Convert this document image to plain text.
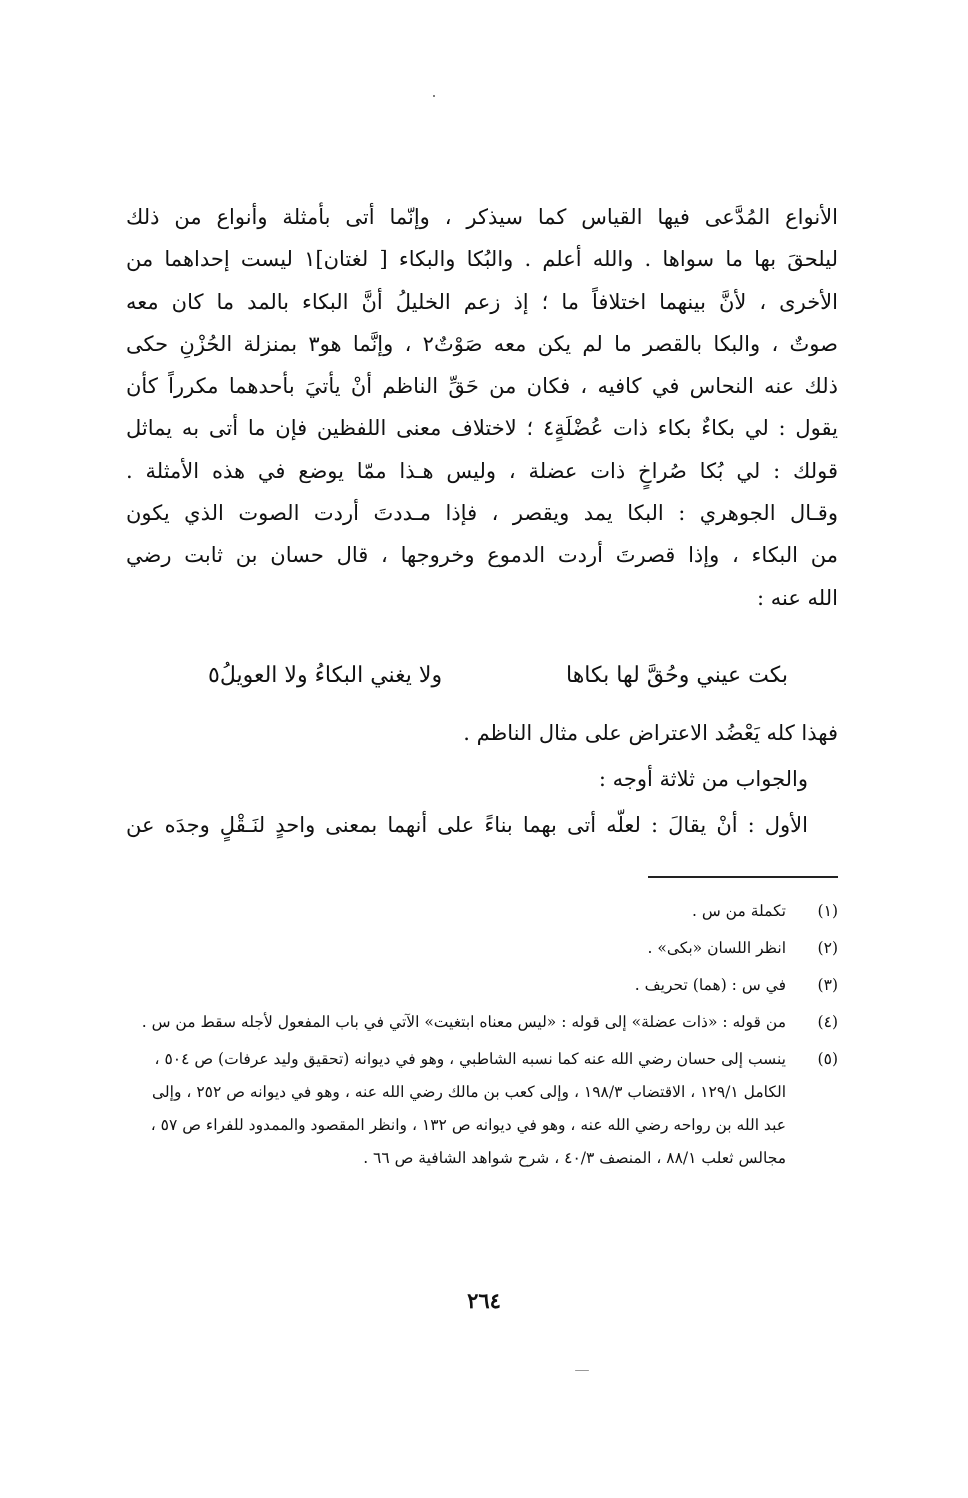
الأنواع المُدَّعى فيها القياس كما سيذكر ، وإنّما أتى بأمثلة وأنواع من ذلك
ليلحقَ بها ما سواها . والله أعلم . والبُكا والبكاء [ لغتان]١ ليست إحداهما من
الأخرى ، لأنَّ بينهما اختلافاً ما ؛ إذ زعم الخليلُ أنَّ البكاء بالمد ما كان معه
صوتٌ ، والبكا بالقصر ما لم يكن معه صَوْتٌ٢ ، وإنَّما هو٣ بمنزلة الحُزْنِ حكى
ذلك عنه النحاس في كافيه ، فكان من حَقِّ الناظم أنْ يأتيَ بأحدهما مكرراً كأن
يقول : لي بكاءٌ بكاء ذات عُضْلَةٍ٤ ؛ لاختلاف معنى اللفظين فإن ما أتى به يماثل
قولك : لي بُكا صُراخٍ ذات عضلة ، وليس هـذا ممّا يوضع في هذه الأمثلة .
وقـال الجوهري : البكا يمد ويقصر ، فإذا مـددتَ أردت الصوت الذي يكون
من البكاء ، وإذا قصرتَ أردت الدموع وخروجها ، قال حسان بن ثابت رضي
الله عنه :
بكت عيني وحُقَّ لها بكاها
ولا يغني البكاءُ ولا العويلُ٥
فهذا كله يَعْضُد الاعتراض على مثال الناظم .
والجواب من ثلاثة أوجه :
الأول : أنْ يقالَ : لعلّه أتى بهما بناءً على أنهما بمعنى واحدٍ لنَـقْلٍ وجدَه عن
(١)
تكملة من س .
(٢)
انظر اللسان «بكى» .
(٣)
في س : (هما) تحريف .
(٤)
من قوله : «ذات عضلة» إلى قوله : «ليس معناه ابتغيت» الآتي في باب المفعول لأجله سقط من س .
(٥)
ينسب إلى حسان رضي الله عنه كما نسبه الشاطبي ، وهو في ديوانه (تحقيق وليد عرفات) ص ٥٠٤ ، الكامل ١٢٩/١ ، الاقتضاب ١٩٨/٣ ، وإلى كعب بن مالك رضي الله عنه ، وهو في ديوانه ص ٢٥٢ ، وإلى عبد الله بن رواحه رضي الله عنه ، وهو في ديوانه ص ١٣٢ ، وانظر المقصود والممدود للفراء ص ٥٧ ، مجالس ثعلب ٨٨/١ ، المنصف ٤٠/٣ ، شرح شواهد الشافية ص ٦٦ .
٢٦٤
